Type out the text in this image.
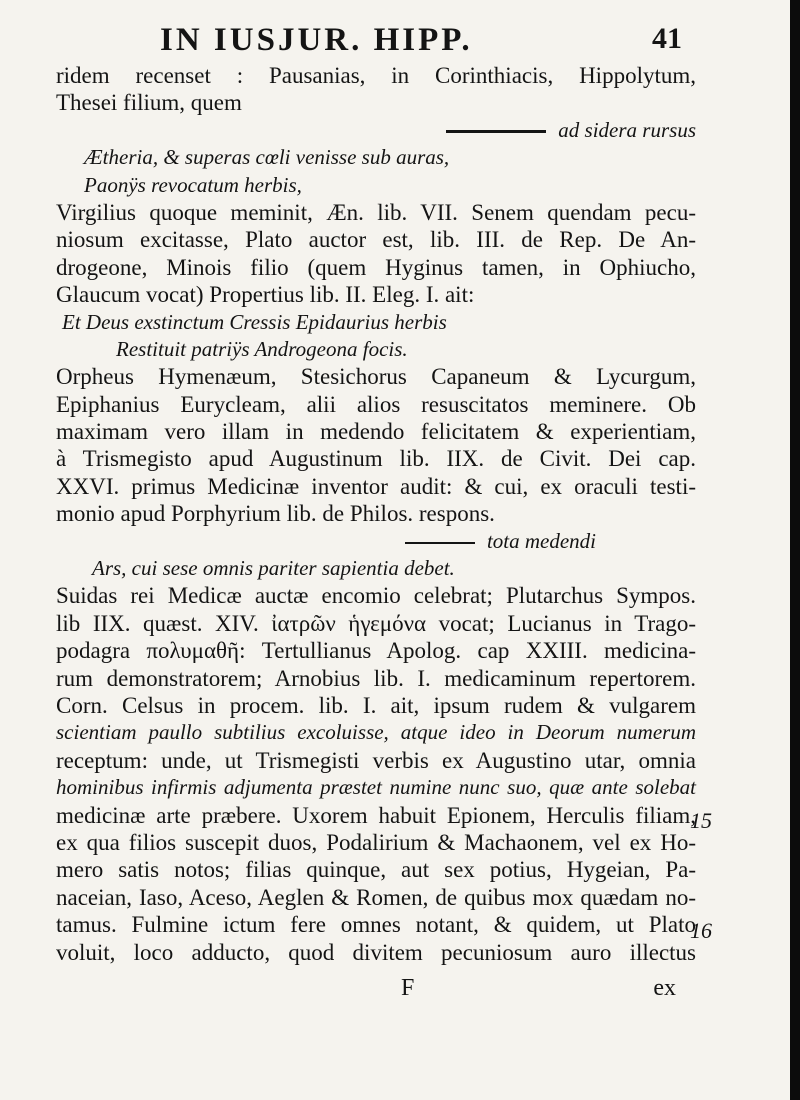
IN IUSJUR. HIPP.	41
ridem recenset : Pausanias, in Corinthiacis, Hippolytum,
Thesei filium, quem
ad sidera rursus
Ætheria, & superas cœli venisse sub auras,
Paonÿs revocatum herbis,
Virgilius quoque meminit, Æn. lib. VII. Senem quendam pecu-
niosum excitasse, Plato auctor est, lib. III. de Rep. De An-
drogeone, Minois filio (quem Hyginus tamen, in Ophiucho,
Glaucum vocat) Propertius lib. II. Eleg. I. ait:
Et Deus exstinctum Cressis Epidaurius herbis
Restituit patriÿs Androgeona focis.
Orpheus Hymenæum, Stesichorus Capaneum & Lycurgum,
Epiphanius Eurycleam, alii alios resuscitatos meminere. Ob
maximam vero illam in medendo felicitatem & experientiam,
à Trismegisto apud Augustinum lib. IIX. de Civit. Dei cap.
XXVI. primus Medicinæ inventor audit: & cui, ex oraculi testi-
monio apud Porphyrium lib. de Philos. respons.
tota medendi
Ars, cui sese omnis pariter sapientia debet.
Suidas rei Medicæ auctæ encomio celebrat; Plutarchus Sympos.
lib IIX. quæst. XIV. ἰατρῶν ἡγεμόνα vocat; Lucianus in Trago-
podagra πολυμαθῆ: Tertullianus Apolog. cap XXIII. medicina-
rum demonstratorem; Arnobius lib. I. medicaminum repertorem.
Corn. Celsus in procem. lib. I. ait, ipsum rudem & vulgarem
scientiam paullo subtilius excoluisse, atque ideo in Deorum numerum
receptum: unde, ut Trismegisti verbis ex Augustino utar, omnia
hominibus infirmis adjumenta præstet numine nunc suo, quæ ante solebat
medicinæ arte præbere. Uxorem habuit Epionem, Herculis filiam,
ex qua filios suscepit duos, Podalirium & Machaonem, vel ex Ho-
mero satis notos; filias quinque, aut sex potius, Hygeian, Pa-
naceian, Iaso, Aceso, Aeglen & Romen, de quibus mox quædam no-
tamus. Fulmine ictum fere omnes notant, & quidem, ut Plato
voluit, loco adducto, quod divitem pecuniosum auro illectus
15
16
F	ex
